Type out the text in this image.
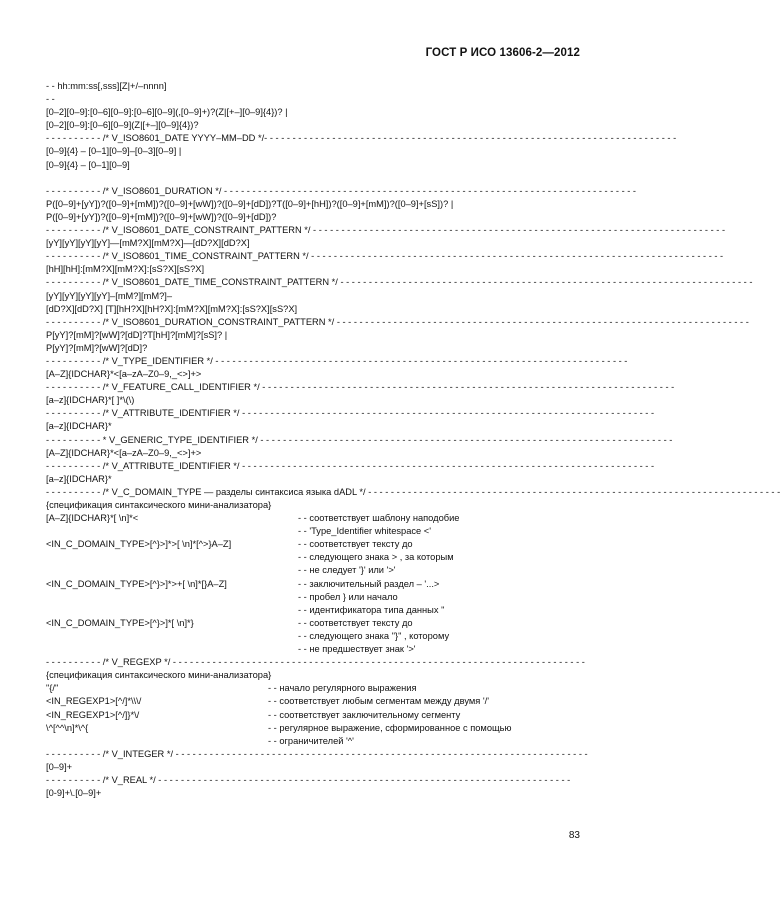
ГОСТ Р ИСО 13606-2—2012
- - hh:mm:ss[,sss][Z|+/–nnnn]
- -
[0–2][0–9]:[0–6][0–9]:[0–6][0–9](,[0–9]+)?(Z|[+–][0–9]{4})? |
[0–2][0–9]:[0–6][0–9](Z|[+–][0–9]{4})?
- - - - - - - - - - /* V_ISO8601_DATE YYYY–MM–DD */- - - - - - - - - - - - - - - - - - - - - - - - - - - - - - - - - - - - - - - - - - - - - - - - - - - - - - - - - - - - - - - - - - - - - - - - -
[0–9]{4} – [0–1][0–9]–[0–3][0–9] |
[0–9]{4} – [0–1][0–9]
- - - - - - - - - - /* V_ISO8601_DURATION */ - - - - - - - - - - - - - - - - - - - - - - - - - - - - - - - - - - - - - - - - - - - - - - - - - - - - - - - - - - - - - - - - - - - - - - - - -
P([0–9]+[yY])?([0–9]+[mM])?([0–9]+[wW])?([0–9]+[dD])?T([0–9]+[hH])?([0–9]+[mM])?([0–9]+[sS])? |
P([0–9]+[yY])?([0–9]+[mM])?([0–9]+[wW])?([0–9]+[dD])?
- - - - - - - - - - /* V_ISO8601_DATE_CONSTRAINT_PATTERN */ - - - - - - - - - - - - - - - - - - - - - - - - - - - - - - - - - - - - - - - - - - - - - - - - - - - - - - - - - - - - - - - - - - - - - - - - -
[yY][yY][yY][yY]—[mM?X][mM?X]—[dD?X][dD?X]
- - - - - - - - - - /* V_ISO8601_TIME_CONSTRAINT_PATTERN */ - - - - - - - - - - - - - - - - - - - - - - - - - - - - - - - - - - - - - - - - - - - - - - - - - - - - - - - - - - - - - - - - - - - - - - - - -
[hH][hH]:[mM?X][mM?X]:[sS?X][sS?X]
- - - - - - - - - - /* V_ISO8601_DATE_TIME_CONSTRAINT_PATTERN */ - - - - - - - - - - - - - - - - - - - - - - - - - - - - - - - - - - - - - - - - - - - - - - - - - - - - - - - - - - - - - - - - - - - - - - - - -
[yY][yY][yY][yY]–[mM?][mM?]–
[dD?X][dD?X] [T][hH?X][hH?X]:[mM?X][mM?X]:[sS?X][sS?X]
- - - - - - - - - - /* V_ISO8601_DURATION_CONSTRAINT_PATTERN */ - - - - - - - - - - - - - - - - - - - - - - - - - - - - - - - - - - - - - - - - - - - - - - - - - - - - - - - - - - - - - - - - - - - - - - - - -
P[yY]?[mM]?[wW]?[dD]?T[hH]?[mM]?[sS]? |
P[yY]?[mM]?[wW]?[dD]?
- - - - - - - - - - /* V_TYPE_IDENTIFIER */ - - - - - - - - - - - - - - - - - - - - - - - - - - - - - - - - - - - - - - - - - - - - - - - - - - - - - - - - - - - - - - - - - - - - - - - - -
[A–Z]{IDCHAR}*<[a–zA–Z0–9,_<>]+>
- - - - - - - - - - /* V_FEATURE_CALL_IDENTIFIER */ - - - - - - - - - - - - - - - - - - - - - - - - - - - - - - - - - - - - - - - - - - - - - - - - - - - - - - - - - - - - - - - - - - - - - - - - -
[a–z]{IDCHAR}*[ ]*\(\)
- - - - - - - - - - /* V_ATTRIBUTE_IDENTIFIER */ - - - - - - - - - - - - - - - - - - - - - - - - - - - - - - - - - - - - - - - - - - - - - - - - - - - - - - - - - - - - - - - - - - - - - - - - -
[a–z]{IDCHAR}*
- - - - - - - - - - * V_GENERIC_TYPE_IDENTIFIER */ - - - - - - - - - - - - - - - - - - - - - - - - - - - - - - - - - - - - - - - - - - - - - - - - - - - - - - - - - - - - - - - - - - - - - - - - -
[A–Z]{IDCHAR}*<[a–zA–Z0–9,_<>]+>
- - - - - - - - - - /* V_ATTRIBUTE_IDENTIFIER */ - - - - - - - - - - - - - - - - - - - - - - - - - - - - - - - - - - - - - - - - - - - - - - - - - - - - - - - - - - - - - - - - - - - - - - - - -
[a–z]{IDCHAR}*
- - - - - - - - - - /* V_C_DOMAIN_TYPE — разделы синтаксиса языка dADL */ - - - - - - - - - - - - - - - - - - - - - - - - - - - - - - - - - - - - - - - - - - - - - - - - - - - - - - - - - - - - - - - - - - - - - - - - -
{спецификация синтаксического мини-анализатора}
[A–Z]{IDCHAR}*[ \n]*<	- - соответствует шаблону наподобие
- - 'Type_Identifier whitespace <'
<IN_C_DOMAIN_TYPE>[^}>]*>[ \n]*[^>}A–Z]	- - соответствует тексту до
- - следующего знака > , за которым
- - не следует '}' или '>'
<IN_C_DOMAIN_TYPE>[^}>]*>+[ \n]*[}A–Z]	- - заключительный раздел – '...>
- - пробел } или начало
- - идентификатора типа данных "
<IN_C_DOMAIN_TYPE>[^}>]*[ \n]*}	- - соответствует тексту до
- - следующего знака "}" , которому
- - не предшествует знак '>'
- - - - - - - - - - /* V_REGEXP */ - - - - - - - - - - - - - - - - - - - - - - - - - - - - - - - - - - - - - - - - - - - - - - - - - - - - - - - - - - - - - - - - - - - - - - - - -
{спецификация синтаксического мини-анализатора}
"{/"	- - начало регулярного выражения
<IN_REGEXP1>[^/]*\\\/	- - соответствует любым сегментам между двумя '/'
<IN_REGEXP1>[^/]}*\/	- - соответствует заключительному сегменту
\^[^^\n]*\^{	- - регулярное выражение, сформированное с помощью
- - ограничителей '^'
- - - - - - - - - - /* V_INTEGER */ - - - - - - - - - - - - - - - - - - - - - - - - - - - - - - - - - - - - - - - - - - - - - - - - - - - - - - - - - - - - - - - - - - - - - - - - -
[0–9]+
- - - - - - - - - - /* V_REAL */ - - - - - - - - - - - - - - - - - - - - - - - - - - - - - - - - - - - - - - - - - - - - - - - - - - - - - - - - - - - - - - - - - - - - - - - - -
[0-9]+\.[0–9]+
83
